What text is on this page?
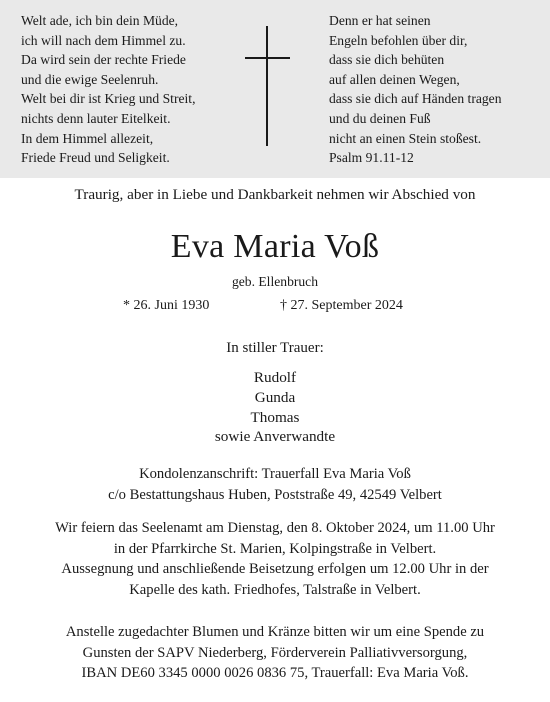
Welt ade, ich bin dein Müde,
ich will nach dem Himmel zu.
Da wird sein der rechte Friede
und die ewige Seelenruh.
Welt bei dir ist Krieg und Streit,
nichts denn lauter Eitelkeit.
In dem Himmel allezeit,
Friede Freud und Seligkeit.
Denn er hat seinen
Engeln befohlen über dir,
dass sie dich behüten
auf allen deinen Wegen,
dass sie dich auf Händen tragen
und du deinen Fuß
nicht an einen Stein stoßest.
Psalm 91.11-12
Traurig, aber in Liebe und Dankbarkeit nehmen wir Abschied von
Eva Maria Voß
geb. Ellenbruch
* 26. Juni 1930	† 27. September 2024
In stiller Trauer:
Rudolf
Gunda
Thomas
sowie Anverwandte
Kondolenzanschrift: Trauerfall Eva Maria Voß
c/o Bestattungshaus Huben, Poststraße 49, 42549 Velbert
Wir feiern das Seelenamt am Dienstag, den 8. Oktober 2024, um 11.00 Uhr
in der Pfarrkirche St. Marien, Kolpingstraße in Velbert.
Aussegnung und anschließende Beisetzung erfolgen um 12.00 Uhr in der
Kapelle des kath. Friedhofes, Talstraße in Velbert.
Anstelle zugedachter Blumen und Kränze bitten wir um eine Spende zu
Gunsten der SAPV Niederberg, Förderverein Palliativversorgung,
IBAN DE60 3345 0000 0026 0836 75, Trauerfall: Eva Maria Voß.
